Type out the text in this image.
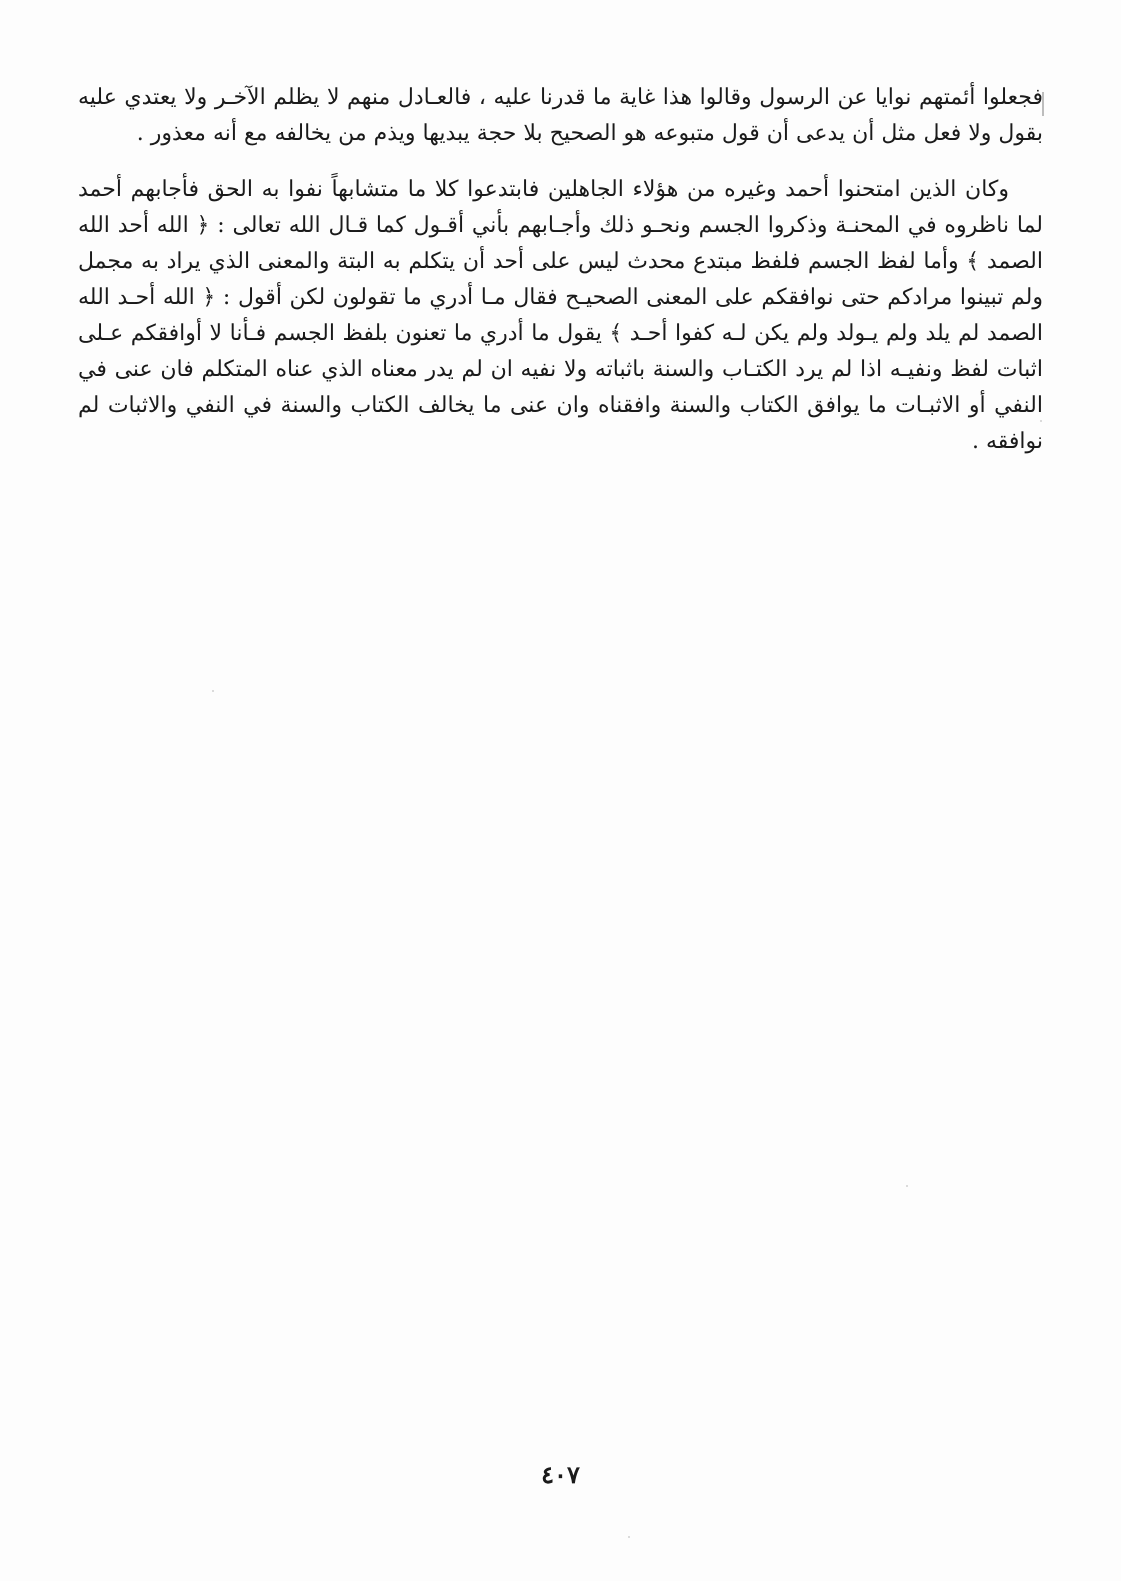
فجعلوا أئمتهم نوايا عن الرسول وقالوا هذا غاية ما قدرنا عليه ، فالعـادل منهم لا يظلم الآخـر ولا يعتدي عليه بقول ولا فعل مثل أن يدعى أن قول متبوعه هو الصحيح بلا حجة يبديها ويذم من يخالفه مع أنه معذور .

وكان الذين امتحنوا أحمد وغيره من هؤلاء الجاهلين فابتدعوا كلا ما متشابهاً نفوا به الحق فأجابهم أحمد لما ناظروه في المحنـة وذكروا الجسم ونحـو ذلك وأجـابهم بأني أقـول كما قـال الله تعالى : ﴿ الله أحد الله الصمد ﴾ وأما لفظ الجسم فلفظ مبتدع محدث ليس على أحد أن يتكلم به البتة والمعنى الذي يراد به مجمل ولم تبينوا مرادكم حتى نوافقكم على المعنى الصحيـح فقال مـا أدري ما تقولون لكن أقول : ﴿ الله أحـد الله الصمد لم يلد ولم يـولد ولم يكن لـه كفوا أحـد ﴾ يقول ما أدري ما تعنون بلفظ الجسم فـأنا لا أوافقكم عـلى اثبات لفظ ونفيـه اذا لم يرد الكتـاب والسنة باثباته ولا نفيه ان لم يدر معناه الذي عناه المتكلم فان عنى في النفي أو الاثبـات ما يوافق الكتاب والسنة وافقناه وان عنى ما يخالف الكتاب والسنة في النفي والاثبات لم نوافقه .

٤٠٧
